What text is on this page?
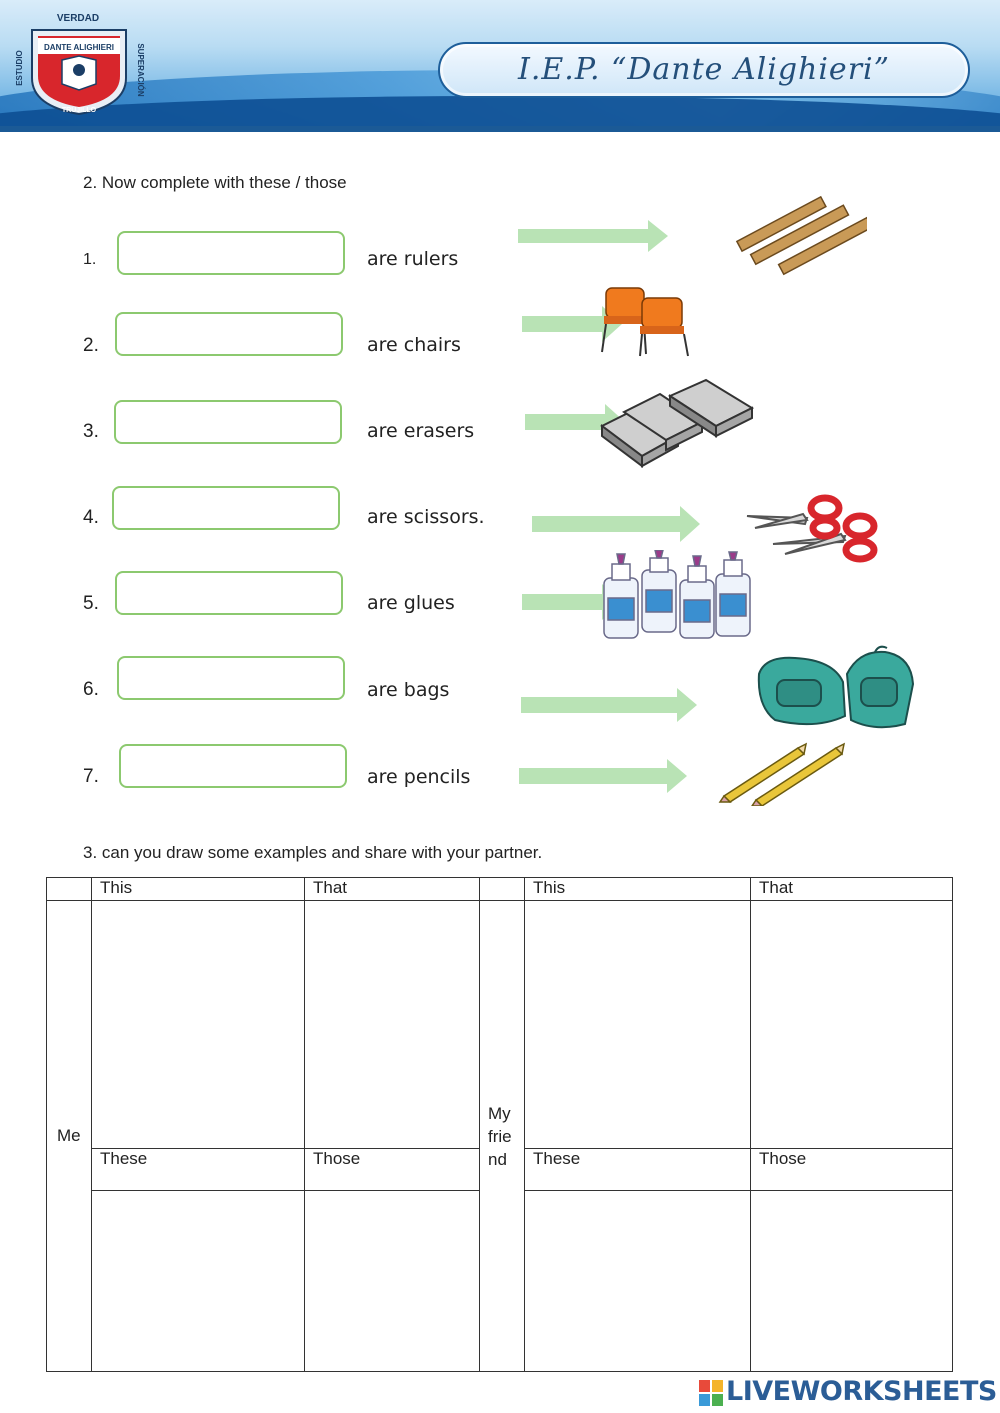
VERDAD
ESTUDIO	SUPERACIÓN
DANTE ALIGHIERI
TRUJILLO
I.E.P. “Dante Alighieri”
2. Now complete with these / those
1.	are rulers
2.	are chairs
3.	are erasers
4.	are scissors.
5.	are glues
6.	are bags
7.	are pencils
3. can you draw some examples and share with your partner.
	This	That		This	That
Me			My frie nd		
	These	Those		These	Those

LIVEWORKSHEETS
